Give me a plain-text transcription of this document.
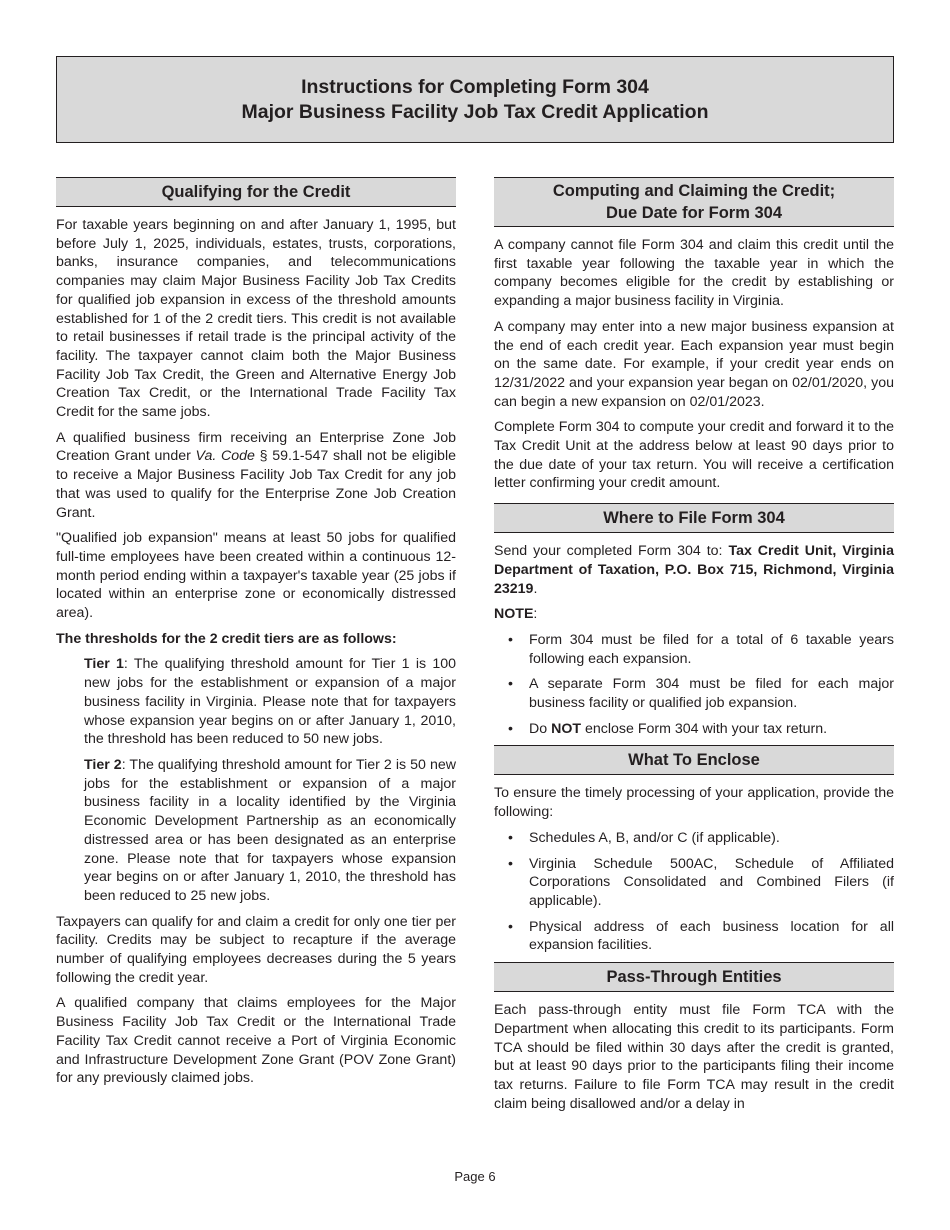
Instructions for Completing Form 304
Major Business Facility Job Tax Credit Application
Qualifying for the Credit

For taxable years beginning on and after January 1, 1995, but before July 1, 2025, individuals, estates, trusts, corporations, banks, insurance companies, and telecommunications companies may claim Major Business Facility Job Tax Credits for qualified job expansion in excess of the threshold amounts established for 1 of the 2 credit tiers. This credit is not available to retail businesses if retail trade is the principal activity of the facility. The taxpayer cannot claim both the Major Business Facility Job Tax Credit, the Green and Alternative Energy Job Creation Tax Credit, or the International Trade Facility Tax Credit for the same jobs.

A qualified business firm receiving an Enterprise Zone Job Creation Grant under Va. Code § 59.1-547 shall not be eligible to receive a Major Business Facility Job Tax Credit for any job that was used to qualify for the Enterprise Zone Job Creation Grant.

"Qualified job expansion" means at least 50 jobs for qualified full-time employees have been created within a continuous 12-month period ending within a taxpayer's taxable year (25 jobs if located within an enterprise zone or economically distressed area).

The thresholds for the 2 credit tiers are as follows:

Tier 1: The qualifying threshold amount for Tier 1 is 100 new jobs for the establishment or expansion of a major business facility in Virginia. Please note that for taxpayers whose expansion year begins on or after January 1, 2010, the threshold has been reduced to 50 new jobs.
Tier 2: The qualifying threshold amount for Tier 2 is 50 new jobs for the establishment or expansion of a major business facility in a locality identified by the Virginia Economic Development Partnership as an economically distressed area or has been designated as an enterprise zone. Please note that for taxpayers whose expansion year begins on or after January 1, 2010, the threshold has been reduced to 25 new jobs.

Taxpayers can qualify for and claim a credit for only one tier per facility. Credits may be subject to recapture if the average number of qualifying employees decreases during the 5 years following the credit year.

A qualified company that claims employees for the Major Business Facility Job Tax Credit or the International Trade Facility Tax Credit cannot receive a Port of Virginia Economic and Infrastructure Development Zone Grant (POV Zone Grant) for any previously claimed jobs.

Computing and Claiming the Credit;
Due Date for Form 304

A company cannot file Form 304 and claim this credit until the first taxable year following the taxable year in which the company becomes eligible for the credit by establishing or expanding a major business facility in Virginia.

A company may enter into a new major business expansion at the end of each credit year. Each expansion year must begin on the same date. For example, if your credit year ends on 12/31/2022 and your expansion year began on 02/01/2020, you can begin a new expansion on 02/01/2023.

Complete Form 304 to compute your credit and forward it to the Tax Credit Unit at the address below at least 90 days prior to the due date of your tax return. You will receive a certification letter confirming your credit amount.

Where to File Form 304

Send your completed Form 304 to: Tax Credit Unit, Virginia Department of Taxation, P.O. Box 715, Richmond, Virginia 23219.

NOTE:

• Form 304 must be filed for a total of 6 taxable years following each expansion.
• A separate Form 304 must be filed for each major business facility or qualified job expansion.
• Do NOT enclose Form 304 with your tax return.
What To Enclose

To ensure the timely processing of your application, provide the following:

• Schedules A, B, and/or C (if applicable).
• Virginia Schedule 500AC, Schedule of Affiliated Corporations Consolidated and Combined Filers (if applicable).
• Physical address of each business location for all expansion facilities.
Pass-Through Entities

Each pass-through entity must file Form TCA with the Department when allocating this credit to its participants. Form TCA should be filed within 30 days after the credit is granted, but at least 90 days prior to the participants filing their income tax returns. Failure to file Form TCA may result in the credit claim being disallowed and/or a delay in

Page 6
